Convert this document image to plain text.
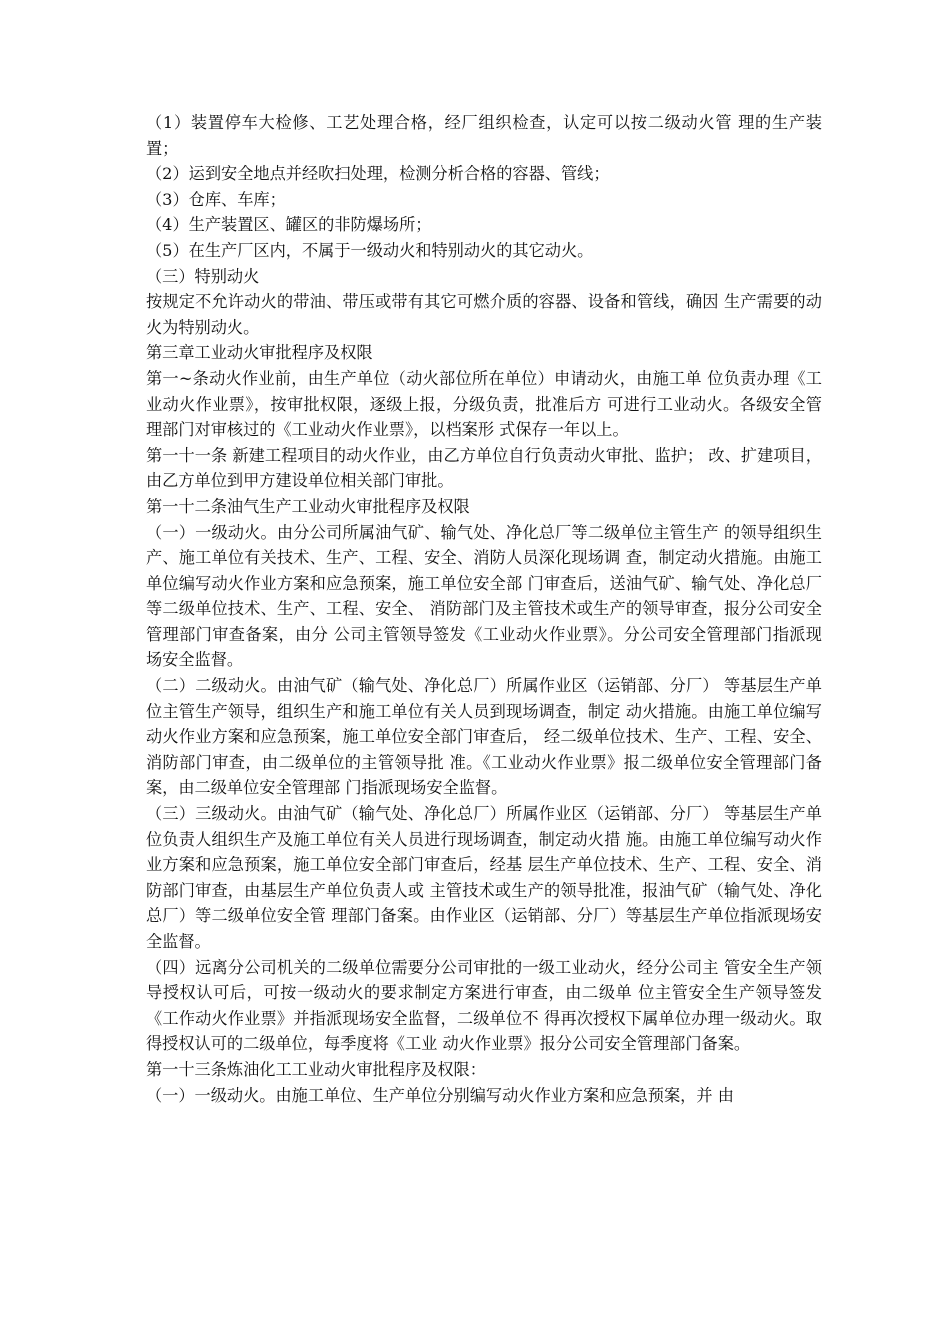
（1）装置停车大检修、工艺处理合格，经厂组织检查，认定可以按二级动火管 理的生产装置；

（2）运到安全地点并经吹扫处理，检测分析合格的容器、管线；

（3）仓库、车库；

（4）生产装置区、罐区的非防爆场所；

（5）在生产厂区内，不属于一级动火和特别动火的其它动火。

（三）特别动火

按规定不允许动火的带油、带压或带有其它可燃介质的容器、设备和管线，确因 生产需要的动火为特别动火。

第三章工业动火审批程序及权限

第一~条动火作业前，由生产单位（动火部位所在单位）申请动火，由施工单 位负责办理《工业动火作业票》，按审批权限，逐级上报，分级负责，批准后方 可进行工业动火。各级安全管理部门对审核过的《工业动火作业票》，以档案形 式保存一年以上。

第一十一条 新建工程项目的动火作业，由乙方单位自行负责动火审批、监护； 改、扩建项目，由乙方单位到甲方建设单位相关部门审批。

第一十二条油气生产工业动火审批程序及权限

（一）一级动火。由分公司所属油气矿、输气处、净化总厂等二级单位主管生产 的领导组织生产、施工单位有关技术、生产、工程、安全、消防人员深化现场调 查，制定动火措施。由施工单位编写动火作业方案和应急预案，施工单位安全部 门审查后，送油气矿、输气处、净化总厂等二级单位技术、生产、工程、安全、 消防部门及主管技术或生产的领导审查，报分公司安全管理部门审查备案，由分 公司主管领导签发《工业动火作业票》。分公司安全管理部门指派现场安全监督。

（二）二级动火。由油气矿（输气处、净化总厂）所属作业区（运销部、分厂） 等基层生产单位主管生产领导，组织生产和施工单位有关人员到现场调查，制定 动火措施。由施工单位编写动火作业方案和应急预案，施工单位安全部门审查后， 经二级单位技术、生产、工程、安全、消防部门审查，由二级单位的主管领导批 准。《工业动火作业票》报二级单位安全管理部门备案，由二级单位安全管理部 门指派现场安全监督。

（三）三级动火。由油气矿（输气处、净化总厂）所属作业区（运销部、分厂） 等基层生产单位负责人组织生产及施工单位有关人员进行现场调查，制定动火措 施。由施工单位编写动火作业方案和应急预案，施工单位安全部门审查后，经基 层生产单位技术、生产、工程、安全、消防部门审查，由基层生产单位负责人或 主管技术或生产的领导批准，报油气矿（输气处、净化总厂）等二级单位安全管 理部门备案。由作业区（运销部、分厂）等基层生产单位指派现场安全监督。

（四）远离分公司机关的二级单位需要分公司审批的一级工业动火，经分公司主 管安全生产领导授权认可后，可按一级动火的要求制定方案进行审查，由二级单 位主管安全生产领导签发《工作动火作业票》并指派现场安全监督，二级单位不 得再次授权下属单位办理一级动火。取得授权认可的二级单位，每季度将《工业 动火作业票》报分公司安全管理部门备案。

第一十三条炼油化工工业动火审批程序及权限：

（一）一级动火。由施工单位、生产单位分别编写动火作业方案和应急预案，并 由
